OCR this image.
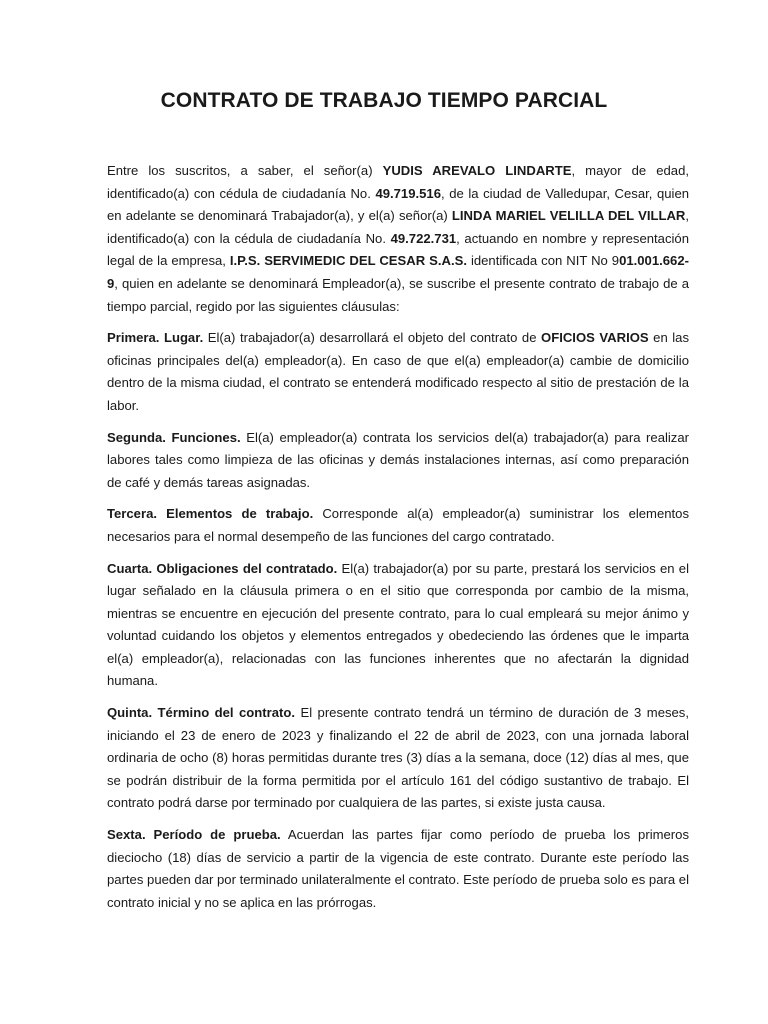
CONTRATO DE TRABAJO TIEMPO PARCIAL

Entre los suscritos, a saber, el señor(a) YUDIS AREVALO LINDARTE, mayor de edad, identificado(a) con cédula de ciudadanía No. 49.719.516, de la ciudad de Valledupar, Cesar, quien en adelante se denominará Trabajador(a), y el(a) señor(a) LINDA MARIEL VELILLA DEL VILLAR, identificado(a) con la cédula de ciudadanía No. 49.722.731, actuando en nombre y representación legal de la empresa, I.P.S. SERVIMEDIC DEL CESAR S.A.S. identificada con NIT No 901.001.662-9, quien en adelante se denominará Empleador(a), se suscribe el presente contrato de trabajo de a tiempo parcial, regido por las siguientes cláusulas:

Primera. Lugar. El(a) trabajador(a) desarrollará el objeto del contrato de OFICIOS VARIOS en las oficinas principales del(a) empleador(a). En caso de que el(a) empleador(a) cambie de domicilio dentro de la misma ciudad, el contrato se entenderá modificado respecto al sitio de prestación de la labor.

Segunda. Funciones. El(a) empleador(a) contrata los servicios del(a) trabajador(a) para realizar labores tales como limpieza de las oficinas y demás instalaciones internas, así como preparación de café y demás tareas asignadas.

Tercera. Elementos de trabajo. Corresponde al(a) empleador(a) suministrar los elementos necesarios para el normal desempeño de las funciones del cargo contratado.

Cuarta. Obligaciones del contratado. El(a) trabajador(a) por su parte, prestará los servicios en el lugar señalado en la cláusula primera o en el sitio que corresponda por cambio de la misma, mientras se encuentre en ejecución del presente contrato, para lo cual empleará su mejor ánimo y voluntad cuidando los objetos y elementos entregados y obedeciendo las órdenes que le imparta el(a) empleador(a), relacionadas con las funciones inherentes que no afectarán la dignidad humana.

Quinta. Término del contrato. El presente contrato tendrá un término de duración de 3 meses, iniciando el 23 de enero de 2023 y finalizando el 22 de abril de 2023, con una jornada laboral ordinaria de ocho (8) horas permitidas durante tres (3) días a la semana, doce (12) días al mes, que se podrán distribuir de la forma permitida por el artículo 161 del código sustantivo de trabajo. El contrato podrá darse por terminado por cualquiera de las partes, si existe justa causa.

Sexta. Período de prueba. Acuerdan las partes fijar como período de prueba los primeros dieciocho (18) días de servicio a partir de la vigencia de este contrato. Durante este período las partes pueden dar por terminado unilateralmente el contrato. Este período de prueba solo es para el contrato inicial y no se aplica en las prórrogas.
